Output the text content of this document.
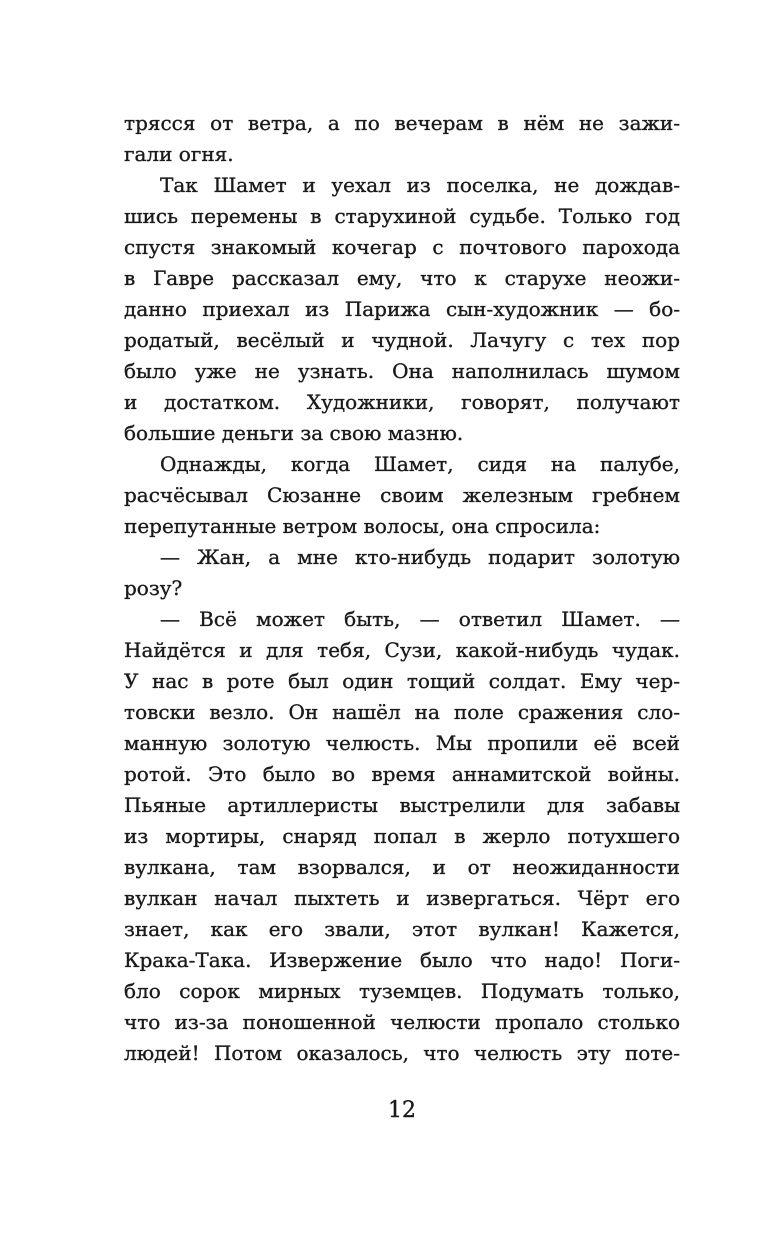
трясся от ветра, а по вечерам в нём не зажи-
гали огня.
Так Шамет и уехал из поселка, не дождав-
шись перемены в старухиной судьбе. Только год
спустя знакомый кочегар с почтового парохода
в Гавре рассказал ему, что к старухе неожи-
данно приехал из Парижа сын-художник — бо-
родатый, весёлый и чудной. Лачугу с тех пор
было уже не узнать. Она наполнилась шумом
и достатком. Художники, говорят, получают
большие деньги за свою мазню.
Однажды, когда Шамет, сидя на палубе,
расчёсывал Сюзанне своим железным гребнем
перепутанные ветром волосы, она спросила:
— Жан, а мне кто-нибудь подарит золотую
розу?
— Всё может быть, — ответил Шамет. —
Найдётся и для тебя, Сузи, какой-нибудь чудак.
У нас в роте был один тощий солдат. Ему чер-
товски везло. Он нашёл на поле сражения сло-
манную золотую челюсть. Мы пропили её всей
ротой. Это было во время аннамитской войны.
Пьяные артиллеристы выстрелили для забавы
из мортиры, снаряд попал в жерло потухшего
вулкана, там взорвался, и от неожиданности
вулкан начал пыхтеть и извергаться. Чёрт его
знает, как его звали, этот вулкан! Кажется,
Крака-Така. Извержение было что надо! Поги-
бло сорок мирных туземцев. Подумать только,
что из-за поношенной челюсти пропало столько
людей! Потом оказалось, что челюсть эту поте-
12
